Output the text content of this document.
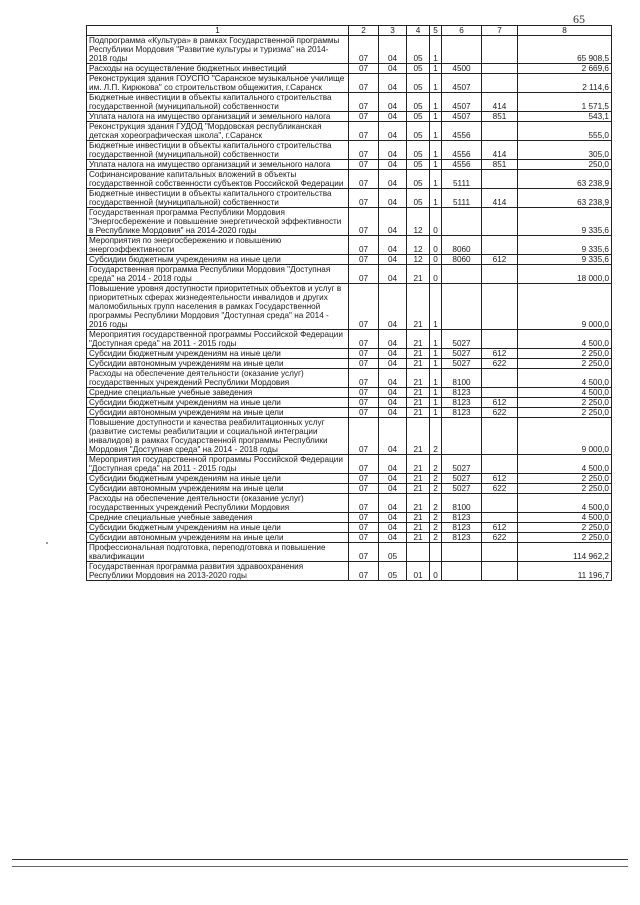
65
1	2	3	4	5	6	7	8
Подпрограмма «Культура» в рамках Государственной программы Республики Мордовия "Развитие культуры и туризма" на 2014-2018 годы	07	04	05	1			65 908,5
Расходы на осуществление бюджетных инвестиций	07	04	05	1	4500		2 669,6
Реконструкция здания ГОУСПО "Саранское музыкальное училище им. Л.П. Кирюкова" со строительством общежития, г.Саранск	07	04	05	1	4507		2 114,6
Бюджетные инвестиции в объекты капитального строительства государственной (муниципальной) собственности	07	04	05	1	4507	414	1 571,5
Уплата налога на имущество организаций и земельного налога	07	04	05	1	4507	851	543,1
Реконструкция здания ГУДОД "Мордовская республиканская детская хореографическая школа", г.Саранск	07	04	05	1	4556		555,0
Бюджетные инвестиции в объекты капитального строительства государственной (муниципальной) собственности	07	04	05	1	4556	414	305,0
Уплата налога на имущество организаций и земельного налога	07	04	05	1	4556	851	250,0
Софинансирование капитальных вложений в объекты государственной собственности субъектов Российской Федерации	07	04	05	1	5111		63 238,9
Бюджетные инвестиции в объекты капитального строительства государственной (муниципальной) собственности	07	04	05	1	5111	414	63 238,9
Государственная программа Республики Мордовия "Энергосбережение и повышение энергетической эффективности в Республике Мордовия" на 2014-2020 годы	07	04	12	0			9 335,6
Мероприятия по энергосбережению и повышению энергоэффективности	07	04	12	0	8060		9 335,6
Субсидии бюджетным учреждениям на иные цели	07	04	12	0	8060	612	9 335,6
Государственная программа Республики Мордовия "Доступная среда" на 2014 - 2018 годы	07	04	21	0			18 000,0
Повышение уровня доступности приоритетных объектов и услуг в приоритетных сферах жизнедеятельности инвалидов и других маломобильных групп населения в рамках Государственной программы Республики Мордовия "Доступная среда" на 2014 - 2016 годы	07	04	21	1			9 000,0
Мероприятия государственной программы Российской Федерации "Доступная среда" на 2011 - 2015 годы	07	04	21	1	5027		4 500,0
Субсидии бюджетным учреждениям на иные цели	07	04	21	1	5027	612	2 250,0
Субсидии автономным учреждениям на иные цели	07	04	21	1	5027	622	2 250,0
Расходы на обеспечение деятельности (оказание услуг) государственных учреждений Республики Мордовия	07	04	21	1	8100		4 500,0
Средние специальные учебные заведения	07	04	21	1	8123		4 500,0
Субсидии бюджетным учреждениям на иные цели	07	04	21	1	8123	612	2 250,0
Субсидии автономным учреждениям на иные цели	07	04	21	1	8123	622	2 250,0
Повышение доступности и качества реабилитационных услуг (развитие системы реабилитации и социальной интеграции инвалидов) в рамках Государственной программы Республики Мордовия "Доступная среда" на 2014 - 2018 годы	07	04	21	2			9 000,0
Мероприятия государственной программы Российской Федерации "Доступная среда" на 2011 - 2015 годы	07	04	21	2	5027		4 500,0
Субсидии бюджетным учреждениям на иные цели	07	04	21	2	5027	612	2 250,0
Субсидии автономным учреждениям на иные цели	07	04	21	2	5027	622	2 250,0
Расходы на обеспечение деятельности (оказание услуг) государственных учреждений Республики Мордовия	07	04	21	2	8100		4 500,0
Средние специальные учебные заведения	07	04	21	2	8123		4 500,0
Субсидии бюджетным учреждениям на иные цели	07	04	21	2	8123	612	2 250,0
Субсидии автономным учреждениям на иные цели	07	04	21	2	8123	622	2 250,0
Профессиональная подготовка, переподготовка и повышение квалификации	07	05					114 962,2
Государственная программа развития здравоохранения Республики Мордовия на 2013-2020 годы	07	05	01	0			11 196,7
